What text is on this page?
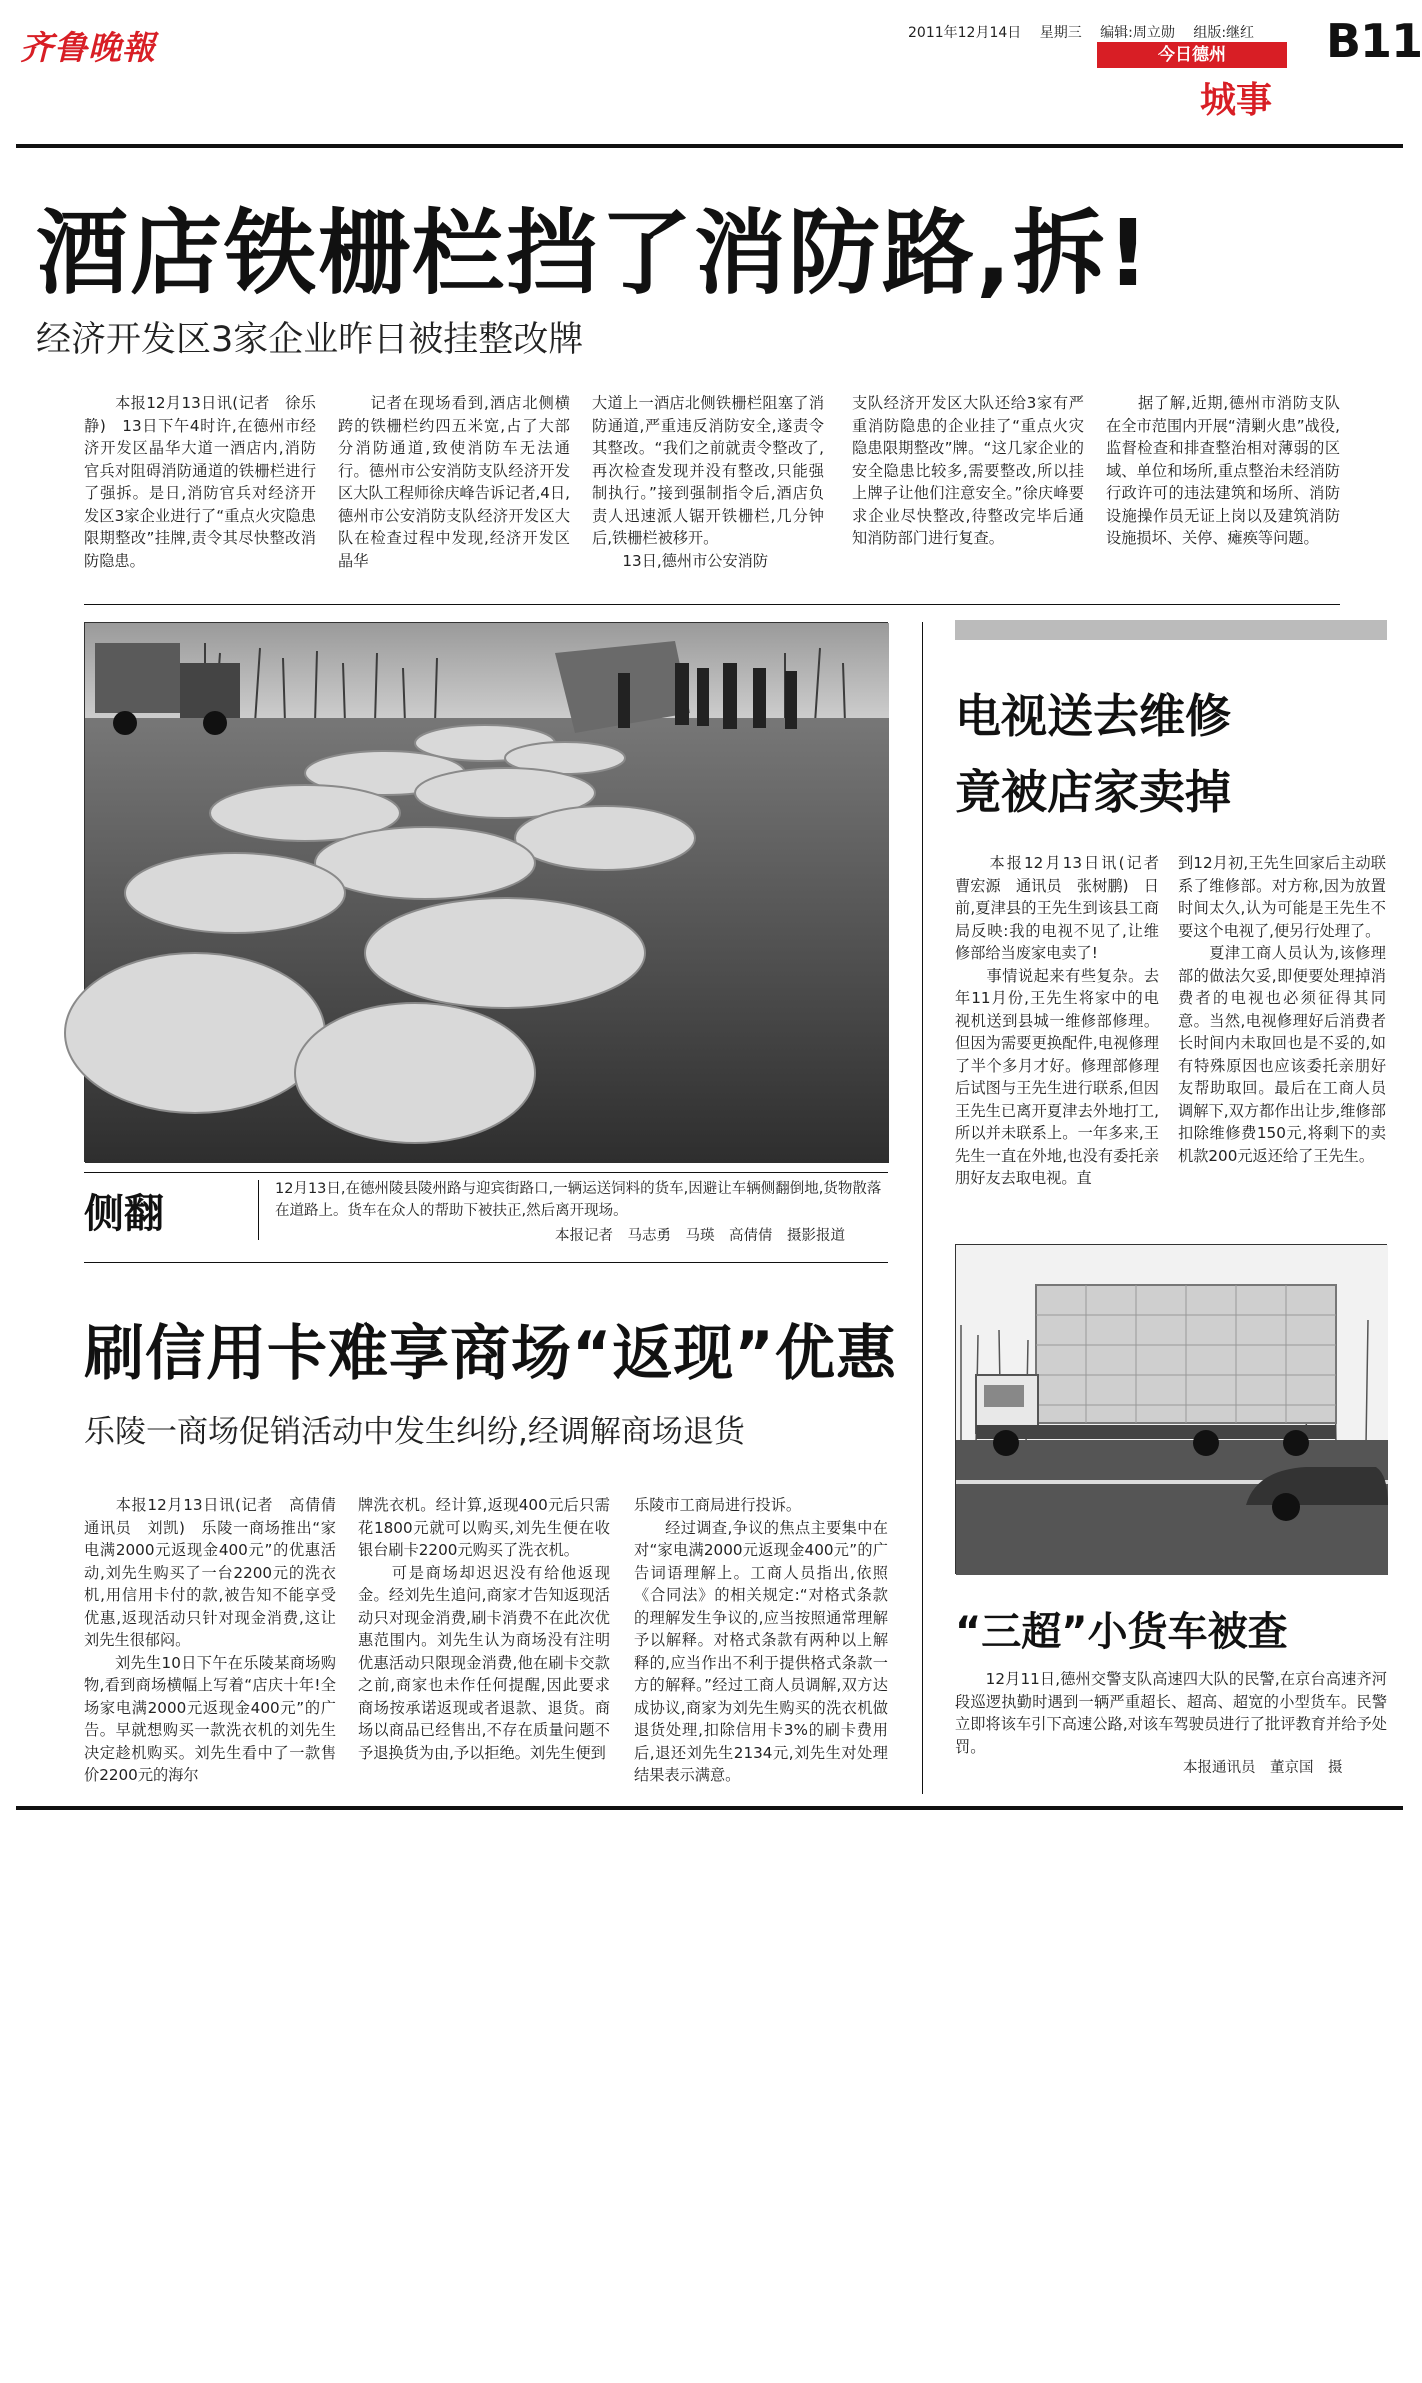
齐鲁晚報	2011年12月14日 星期三 编辑:周立勋 组版:继红
今日德州
城事
B11
酒店铁栅栏挡了消防路,拆!
经济开发区3家企业昨日被挂整改牌
　　本报12月13日讯(记者　徐乐静)　13日下午4时许,在德州市经济开发区晶华大道一酒店内,消防官兵对阻碍消防通道的铁栅栏进行了强拆。是日,消防官兵对经济开发区3家企业进行了“重点火灾隐患限期整改”挂牌,责令其尽快整改消防隐患。
　　记者在现场看到,酒店北侧横跨的铁栅栏约四五米宽,占了大部分消防通道,致使消防车无法通行。德州市公安消防支队经济开发区大队工程师徐庆峰告诉记者,4日,德州市公安消防支队经济开发区大队在检查过程中发现,经济开发区晶华
大道上一酒店北侧铁栅栏阻塞了消防通道,严重违反消防安全,遂责令其整改。“我们之前就责令整改了,再次检查发现并没有整改,只能强制执行。”接到强制指令后,酒店负责人迅速派人锯开铁栅栏,几分钟后,铁栅栏被移开。
　　13日,德州市公安消防
支队经济开发区大队还给3家有严重消防隐患的企业挂了“重点火灾隐患限期整改”牌。“这几家企业的安全隐患比较多,需要整改,所以挂上牌子让他们注意安全。”徐庆峰要求企业尽快整改,待整改完毕后通知消防部门进行复查。
　　据了解,近期,德州市消防支队在全市范围内开展“清剿火患”战役,监督检查和排查整治相对薄弱的区域、单位和场所,重点整治未经消防行政许可的违法建筑和场所、消防设施操作员无证上岗以及建筑消防设施损坏、关停、瘫痪等问题。
侧翻
12月13日,在德州陵县陵州路与迎宾街路口,一辆运送饲料的货车,因避让车辆侧翻倒地,货物散落在道路上。货车在众人的帮助下被扶正,然后离开现场。
本报记者　马志勇　马瑛　高倩倩　摄影报道
刷信用卡难享商场“返现”优惠
乐陵一商场促销活动中发生纠纷,经调解商场退货
　　本报12月13日讯(记者　高倩倩　通讯员　刘凯)　乐陵一商场推出“家电满2000元返现金400元”的优惠活动,刘先生购买了一台2200元的洗衣机,用信用卡付的款,被告知不能享受优惠,返现活动只针对现金消费,这让刘先生很郁闷。
　　刘先生10日下午在乐陵某商场购物,看到商场横幅上写着“店庆十年!全场家电满2000元返现金400元”的广告。早就想购买一款洗衣机的刘先生决定趁机购买。刘先生看中了一款售价2200元的海尔
牌洗衣机。经计算,返现400元后只需花1800元就可以购买,刘先生便在收银台刷卡2200元购买了洗衣机。
　　可是商场却迟迟没有给他返现金。经刘先生追问,商家才告知返现活动只对现金消费,刷卡消费不在此次优惠范围内。刘先生认为商场没有注明优惠活动只限现金消费,他在刷卡交款之前,商家也未作任何提醒,因此要求商场按承诺返现或者退款、退货。商场以商品已经售出,不存在质量问题不予退换货为由,予以拒绝。刘先生便到
乐陵市工商局进行投诉。
　　经过调查,争议的焦点主要集中在对“家电满2000元返现金400元”的广告词语理解上。工商人员指出,依照《合同法》的相关规定:“对格式条款的理解发生争议的,应当按照通常理解予以解释。对格式条款有两种以上解释的,应当作出不利于提供格式条款一方的解释。”经过工商人员调解,双方达成协议,商家为刘先生购买的洗衣机做退货处理,扣除信用卡3%的刷卡费用后,退还刘先生2134元,刘先生对处理结果表示满意。
电视送去维修
竟被店家卖掉
　　本报12月13日讯(记者　曹宏源　通讯员　张树鹏)　日前,夏津县的王先生到该县工商局反映:我的电视不见了,让维修部给当废家电卖了!
　　事情说起来有些复杂。去年11月份,王先生将家中的电视机送到县城一维修部修理。但因为需要更换配件,电视修理了半个多月才好。修理部修理后试图与王先生进行联系,但因王先生已离开夏津去外地打工,所以并未联系上。一年多来,王先生一直在外地,也没有委托亲朋好友去取电视。直
到12月初,王先生回家后主动联系了维修部。对方称,因为放置时间太久,认为可能是王先生不要这个电视了,便另行处理了。
　　夏津工商人员认为,该修理部的做法欠妥,即便要处理掉消费者的电视也必须征得其同意。当然,电视修理好后消费者长时间内未取回也是不妥的,如有特殊原因也应该委托亲朋好友帮助取回。最后在工商人员调解下,双方都作出让步,维修部扣除维修费150元,将剩下的卖机款200元返还给了王先生。
“三超”小货车被查
　　12月11日,德州交警支队高速四大队的民警,在京台高速齐河段巡逻执勤时遇到一辆严重超长、超高、超宽的小型货车。民警立即将该车引下高速公路,对该车驾驶员进行了批评教育并给予处罚。
本报通讯员　董京国　摄
